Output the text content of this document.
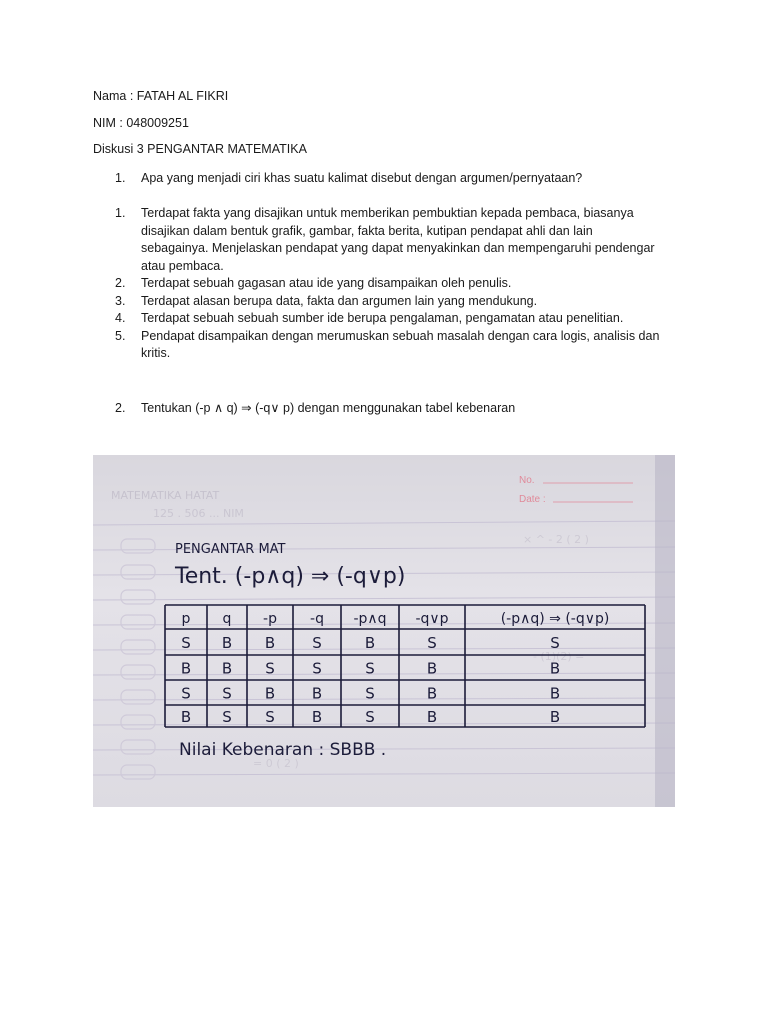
Nama : FATAH AL FIKRI
NIM : 048009251
Diskusi 3 PENGANTAR MATEMATIKA
1.	Apa yang menjadi ciri khas suatu kalimat disebut dengan argumen/pernyataan?
1. Terdapat fakta yang disajikan untuk memberikan pembuktian kepada pembaca, biasanya
disajikan dalam bentuk grafik, gambar, fakta berita, kutipan pendapat ahli dan lain
sebagainya. Menjelaskan pendapat yang dapat menyakinkan dan mempengaruhi pendengar
atau pembaca.
2. Terdapat sebuah gagasan atau ide yang disampaikan oleh penulis.
3. Terdapat alasan berupa data, fakta dan argumen lain yang mendukung.
4. Terdapat sebuah sebuah sumber ide berupa pengalaman, pengamatan atau penelitian.
5. Pendapat disampaikan dengan merumuskan sebuah masalah dengan cara logis, analisis dan
kritis.
2.	Tentukan (-p ∧ q) ⇒ (-q∨ p) dengan menggunakan tabel kebenaran
MATEMATIKA HATAT
125 . 506 ... NIM
× ^ - 2 ( 2 )
- (1)(2) =
= 0 ( 2 )
No.
Date :
PENGANTAR MAT
Tent. (-p∧q) ⇒ (-q∨p)
p q -p -q -p∧q -q∨p	(-p∧q) ⇒ (-q∨p)
S B B S	B	S	S
B B S S	S	B	B
S S B B	S	B	B
B S S B	S	B	B
Nilai Kebenaran : SBBB .
